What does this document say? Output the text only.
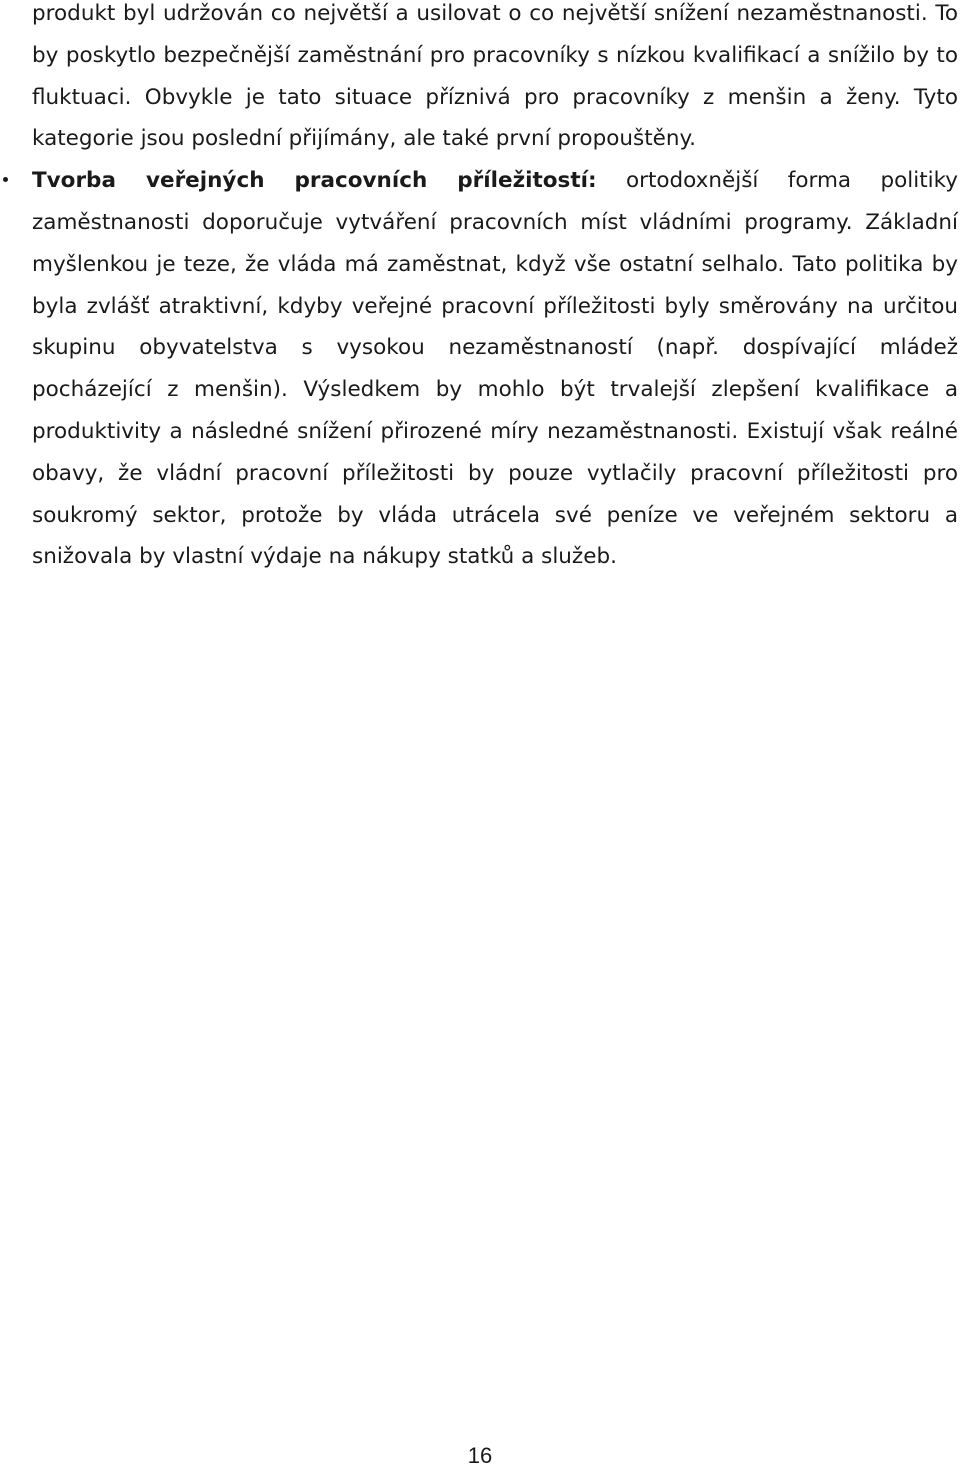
produkt byl udržován co největší a usilovat o co největší snížení nezaměstnanosti. To by poskytlo bezpečnější zaměstnání pro pracovníky s nízkou kvalifikací a snížilo by to fluktuaci. Obvykle je tato situace příznivá pro pracovníky z menšin a ženy. Tyto kategorie jsou poslední přijímány, ale také první propouštěny.

Tvorba veřejných pracovních příležitostí: ortodoxnější forma politiky zaměstnanosti doporučuje vytváření pracovních míst vládními programy. Základní myšlenkou je teze, že vláda má zaměstnat, když vše ostatní selhalo. Tato politika by byla zvlášť atraktivní, kdyby veřejné pracovní příležitosti byly směrovány na určitou skupinu obyvatelstva s vysokou nezaměstnaností (např. dospívající mládež pocházející z menšin). Výsledkem by mohlo být trvalejší zlepšení kvalifikace a produktivity a následné snížení přirozené míry nezaměstnanosti. Existují však reálné obavy, že vládní pracovní příležitosti by pouze vytlačily pracovní příležitosti pro soukromý sektor, protože by vláda utrácela své peníze ve veřejném sektoru a snižovala by vlastní výdaje na nákupy statků a služeb.

16
